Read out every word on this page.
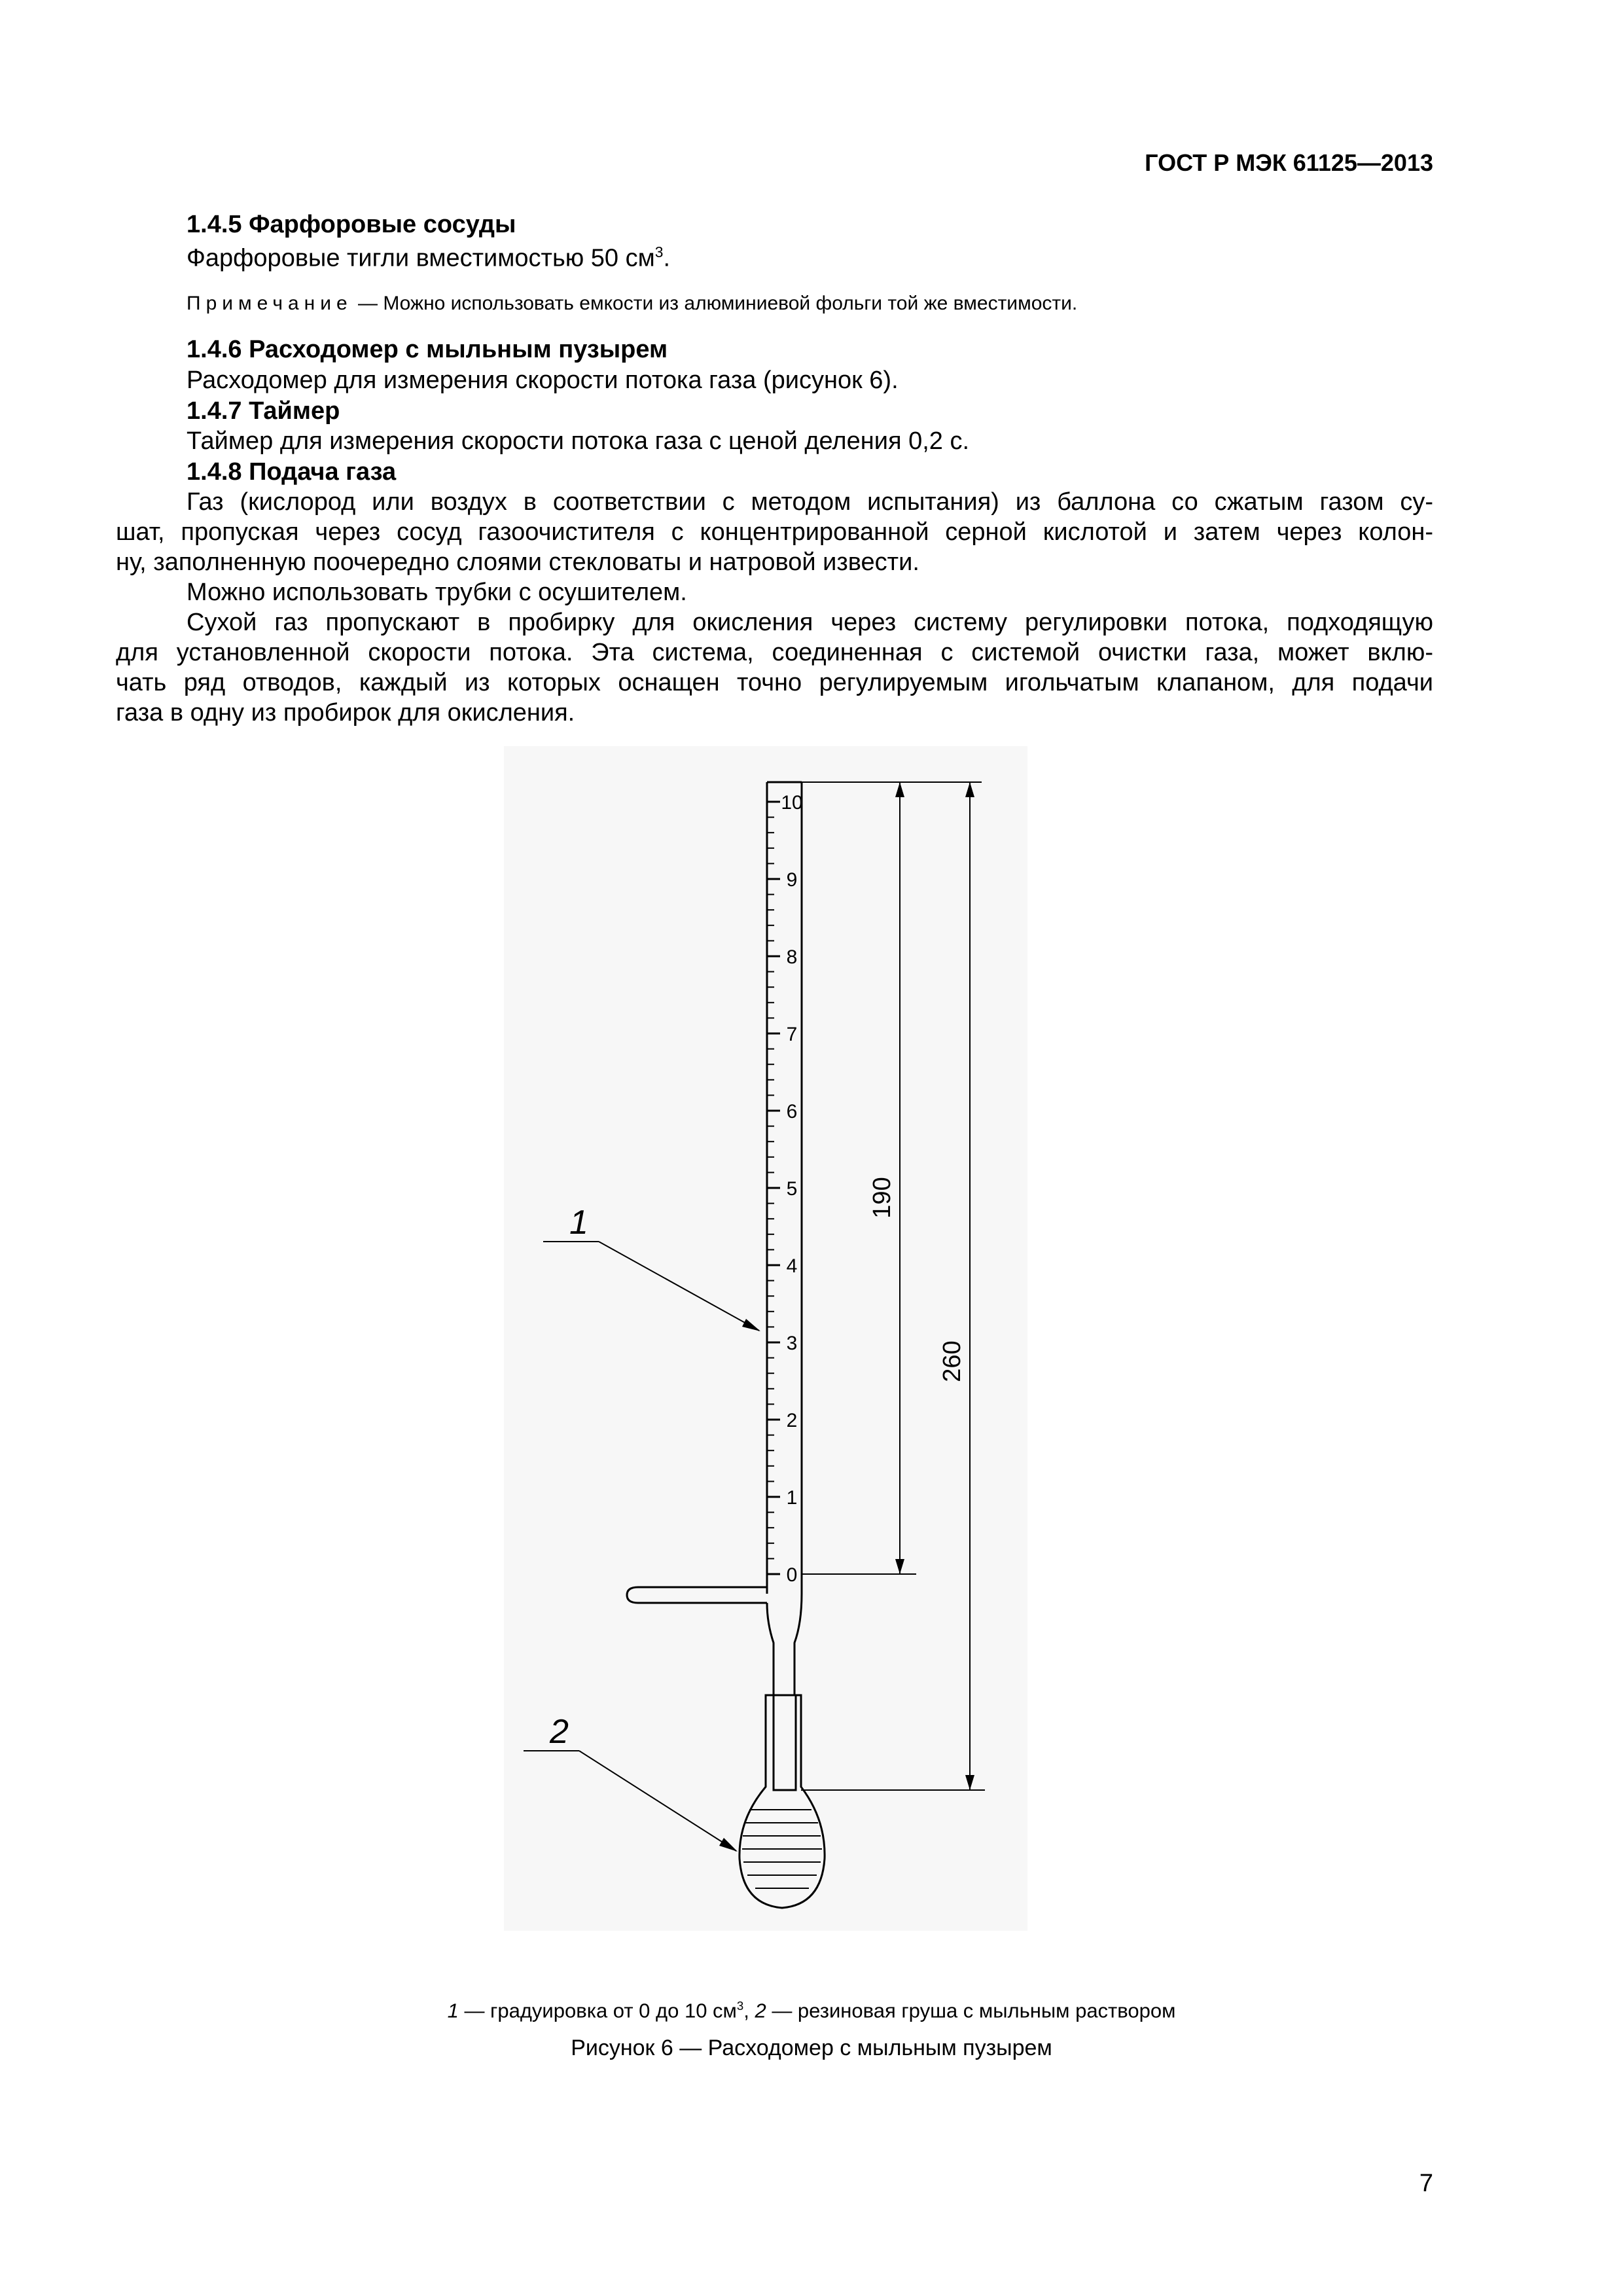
ГОСТ Р МЭК 61125—2013
1.4.5 Фарфоровые сосуды
Фарфоровые тигли вместимостью 50 $см^3$.
Примечание — Можно использовать емкости из алюминиевой фольги той же вместимости.
1.4.6 Расходомер с мыльным пузырем
Расходомер для измерения скорости потока газа (рисунок 6).
1.4.7 Таймер
Таймер для измерения скорости потока газа с ценой деления 0,2 с.
1.4.8 Подача газа
Газ (кислород или воздух в соответствии с методом испытания) из баллона со сжатым газом су-
шат, пропуская через сосуд газоочистителя с концентрированной серной кислотой и затем через колон-
ну, заполненную поочередно слоями стекловаты и натровой извести.
Можно использовать трубки с осушителем.
Сухой газ пропускают в пробирку для окисления через систему регулировки потока, подходящую
для установленной скорости потока. Эта система, соединенная с системой очистки газа, может вклю-
чать ряд отводов, каждый из которых оснащен точно регулируемым игольчатым клапаном, для подачи
газа в одну из пробирок для окисления.
10
9
8
7
6
5
4
3
2
1
0
190
260
1
2
1 — градуировка от 0 до 10 $см^3$, 2 — резиновая груша с мыльным раствором
Рисунок 6 — Расходомер с мыльным пузырем
7
